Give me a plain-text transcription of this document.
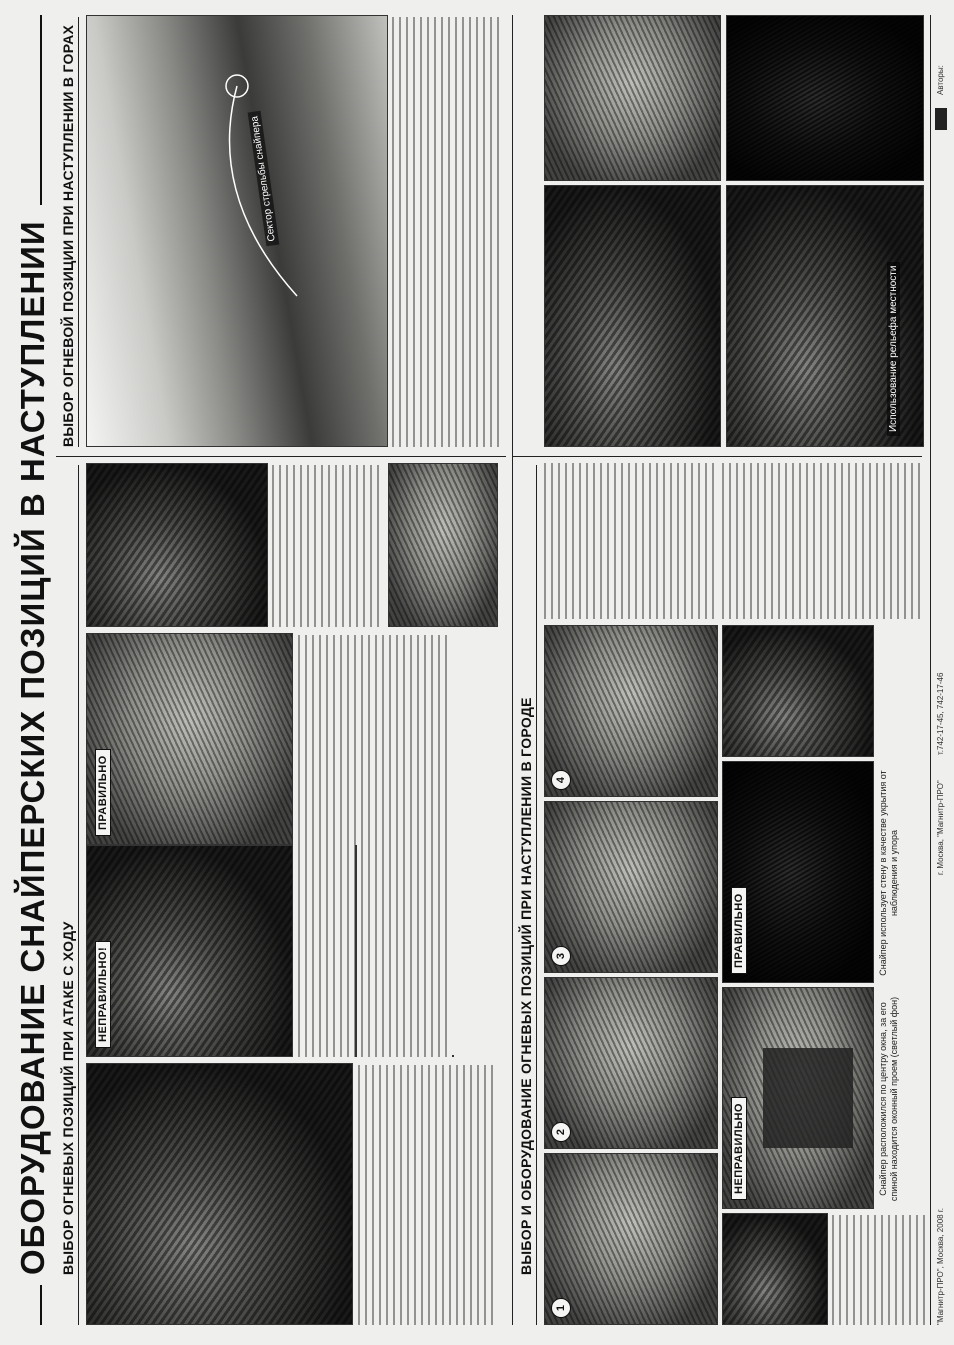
ОБОРУДОВАНИЕ СНАЙПЕРСКИХ ПОЗИЦИЙ В НАСТУПЛЕНИИ ВЫБОР ОГНЕВЫХ ПОЗИЦИЙ ПРИ АТАКЕ С ХОДУ НЕПРАВИЛЬНО!
ПРАВИЛЬНО
ВЫБОР ОГНЕВОЙ ПОЗИЦИИ ПРИ НАСТУПЛЕНИИ В ГОРАХ	Сектор стрельбы снайпера
ВЫБОР И ОБОРУДОВАНИЕ ОГНЕВЫХ ПОЗИЦИЙ ПРИ НАСТУПЛЕНИИ В ГОРОДЕ
1
2
3
4
НЕПРАВИЛЬНО	Снайпер расположился по центру окна, за его спиной находится оконный проем (светлый фон)
ПРАВИЛЬНО	Снайпер использует стену в качестве укрытия от наблюдения и упора
Использование рельефа местности
"Магнитр-ПРО", Москва, 2008 г.
г. Москва, "Магнитр-ПРО"
т.742-17-45, 742-17-46
Авторы:
